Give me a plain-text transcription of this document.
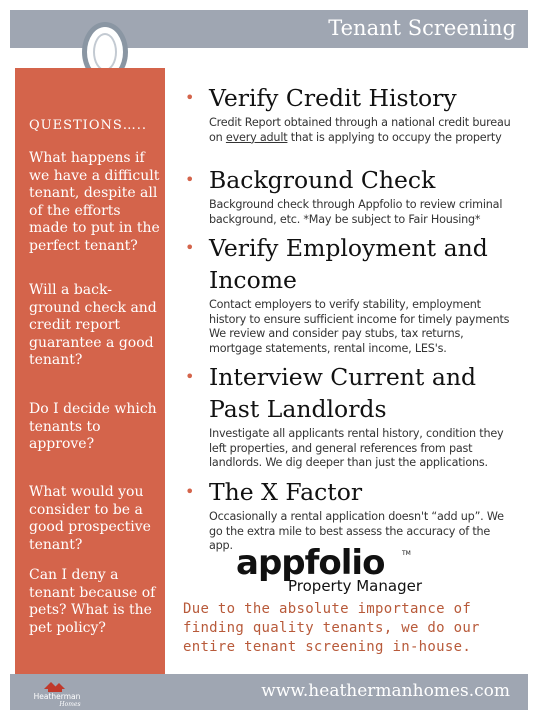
Tenant Screening
QUESTIONS…..
What happens if we have a difficult tenant, despite all of the efforts made to put in the perfect tenant?
Will a back-ground check and credit report guarantee a good tenant?
Do I decide which tenants to approve?
What would you consider to be a good prospective tenant?
Can I deny a tenant because of pets? What is the pet policy?
Heatherman
Homes
www.heathermanhomes.com
• Verify Credit History
Credit Report obtained through a national credit bureau on every adult that is applying to occupy the property
• Background Check
Background check through Appfolio to review criminal background, etc. *May be subject to Fair Housing*
• Verify Employment and Income
Contact employers to verify stability, employment history to ensure sufficient income for timely payments We review and consider pay stubs, tax returns, mortgage statements, rental income, LES's.
• Interview Current and Past Landlords
Investigate all applicants rental history, condition they left properties, and general references from past landlords. We dig deeper than just the applications.
• The X Factor
Occasionally a rental application doesn't “add up”. We go the extra mile to best assess the accuracy of the app. appfolio	TM
Property Manager
Due to the absolute importance of finding quality tenants, we do our entire tenant screening in-house.
